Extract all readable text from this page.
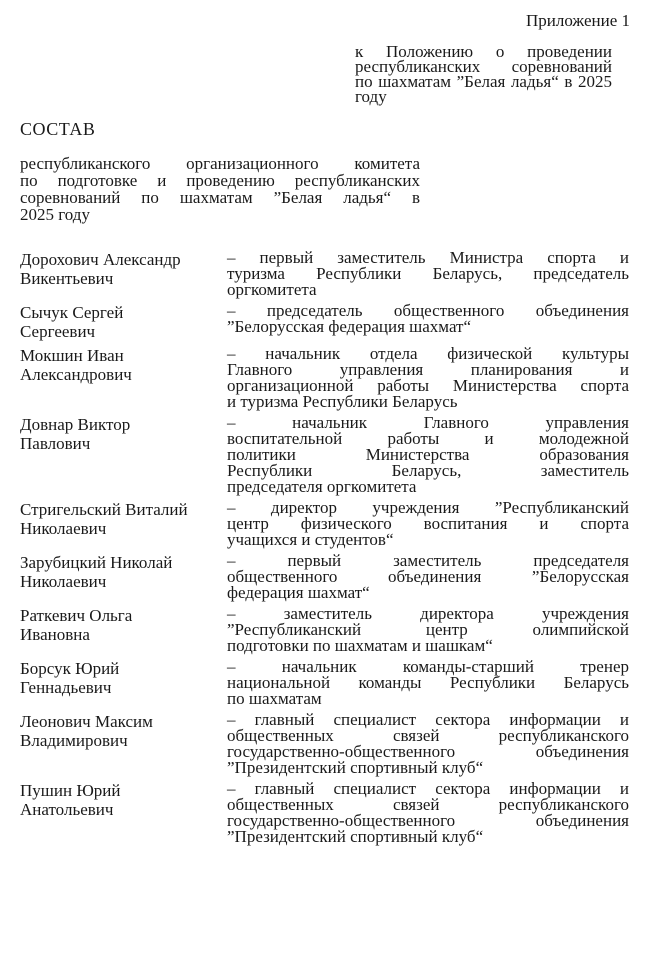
Приложение 1
к Положению о проведении
республиканских соревнований
по шахматам ”Белая ладья“ в 2025
году
СОСТАВ
республиканского организационного комитета
по подготовке и проведению республиканских
соревнований по шахматам ”Белая ладья“ в
2025 году
Дорохович Александр
Викентьевич
– первый заместитель Министра спорта и
туризма Республики Беларусь, председатель
оргкомитета
Сычук Сергей
Сергеевич
– председатель общественного объединения
”Белорусская федерация шахмат“
Мокшин Иван
Александрович
– начальник отдела физической культуры
Главного управления планирования и
организационной работы Министерства спорта
и туризма Республики Беларусь
Довнар Виктор
Павлович
– начальник Главного управления
воспитательной работы и молодежной
политики Министерства образования
Республики Беларусь, заместитель
председателя оргкомитета
Стригельский Виталий
Николаевич
– директор учреждения ”Республиканский
центр физического воспитания и спорта
учащихся и студентов“
Зарубицкий Николай
Николаевич
– первый заместитель председателя
общественного объединения ”Белорусская
федерация шахмат“
Раткевич Ольга
Ивановна
– заместитель директора учреждения
”Республиканский центр олимпийской
подготовки по шахматам и шашкам“
Борсук Юрий
Геннадьевич
– начальник команды-старший тренер
национальной команды Республики Беларусь
по шахматам
Леонович Максим
Владимирович
– главный специалист сектора информации и
общественных связей республиканского
государственно-общественного объединения
”Президентский спортивный клуб“
Пушин Юрий
Анатольевич
– главный специалист сектора информации и
общественных связей республиканского
государственно-общественного объединения
”Президентский спортивный клуб“
